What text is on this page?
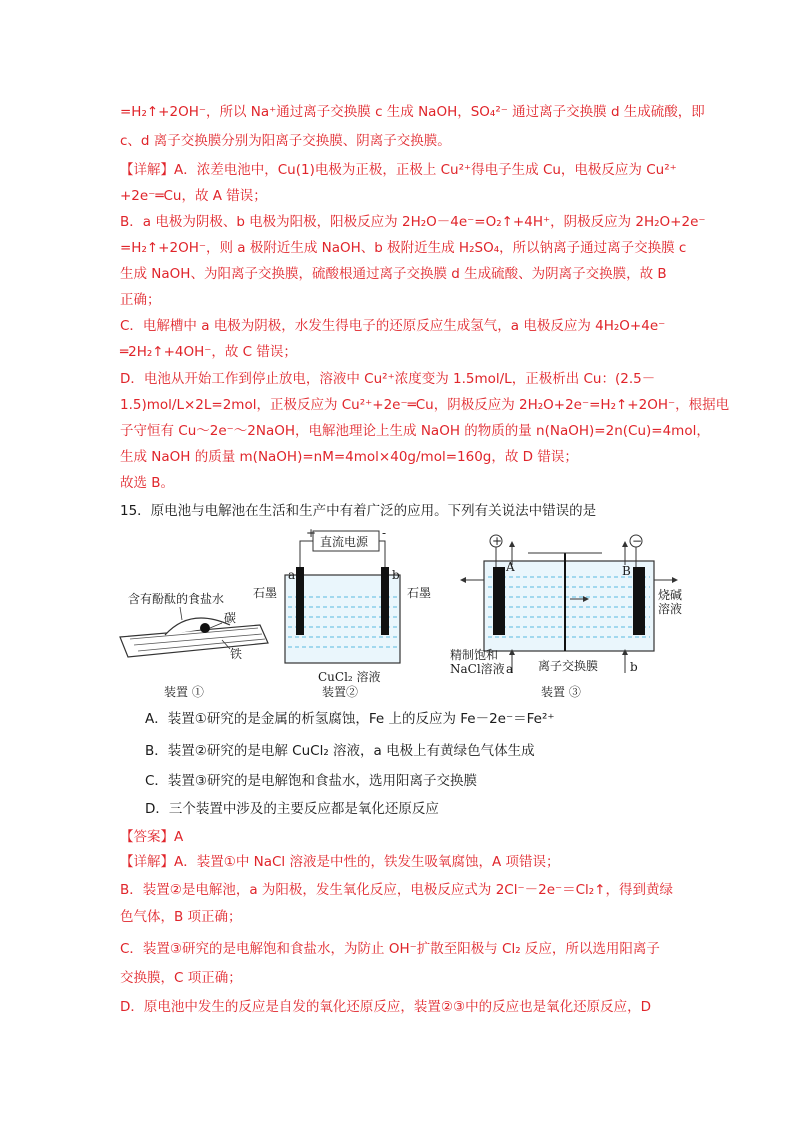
=H₂↑+2OH⁻，所以 Na⁺通过离子交换膜 c 生成 NaOH，SO₄²⁻ 通过离子交换膜 d 生成硫酸，即
c、d 离子交换膜分别为阳离子交换膜、阴离子交换膜。
【详解】A．浓差电池中，Cu(1)电极为正极，正极上 Cu²⁺得电子生成 Cu，电极反应为 Cu²⁺
+2e⁻═Cu，故 A 错误；
B．a 电极为阴极、b 电极为阳极，阳极反应为 2H₂O－4e⁻=O₂↑+4H⁺，阴极反应为 2H₂O+2e⁻
=H₂↑+2OH⁻，则 a 极附近生成 NaOH、b 极附近生成 H₂SO₄，所以钠离子通过离子交换膜 c
生成 NaOH、为阳离子交换膜，硫酸根通过离子交换膜 d 生成硫酸、为阴离子交换膜，故 B
正确；
C．电解槽中 a 电极为阴极，水发生得电子的还原反应生成氢气，a 电极反应为 4H₂O+4e⁻
═2H₂↑+4OH⁻，故 C 错误；
D．电池从开始工作到停止放电，溶液中 Cu²⁺浓度变为 1.5mol/L，正极析出 Cu：(2.5－
1.5)mol/L×2L=2mol，正极反应为 Cu²⁺+2e⁻═Cu，阴极反应为 2H₂O+2e⁻=H₂↑+2OH⁻，根据电
子守恒有 Cu～2e⁻～2NaOH，电解池理论上生成 NaOH 的物质的量 n(NaOH)=2n(Cu)=4mol，
生成 NaOH 的质量 m(NaOH)=nM=4mol×40g/mol=160g，故 D 错误；
故选 B。
15．原电池与电解池在生活和生产中有着广泛的应用。下列有关说法中错误的是
含有酚酞的食盐水
碳
铁
直流电源
+	-
a	b
石墨	石墨
CuCl₂ 溶液
+	−
A	B
烧碱
溶液
精制饱和
NaCl溶液 a 离子交换膜	b
装置 ①	装置②	装置 ③
A．装置①研究的是金属的析氢腐蚀，Fe 上的反应为 Fe－2e⁻＝Fe²⁺
B．装置②研究的是电解 CuCl₂ 溶液，a 电极上有黄绿色气体生成
C．装置③研究的是电解饱和食盐水，选用阳离子交换膜
D．三个装置中涉及的主要反应都是氧化还原反应
【答案】A
【详解】A．装置①中 NaCl 溶液是中性的，铁发生吸氧腐蚀，A 项错误；
B．装置②是电解池，a 为阳极，发生氧化反应，电极反应式为 2Cl⁻－2e⁻＝Cl₂↑，得到黄绿
色气体，B 项正确；
C．装置③研究的是电解饱和食盐水，为防止 OH⁻扩散至阳极与 Cl₂ 反应，所以选用阳离子
交换膜，C 项正确；
D．原电池中发生的反应是自发的氧化还原反应，装置②③中的反应也是氧化还原反应，D
